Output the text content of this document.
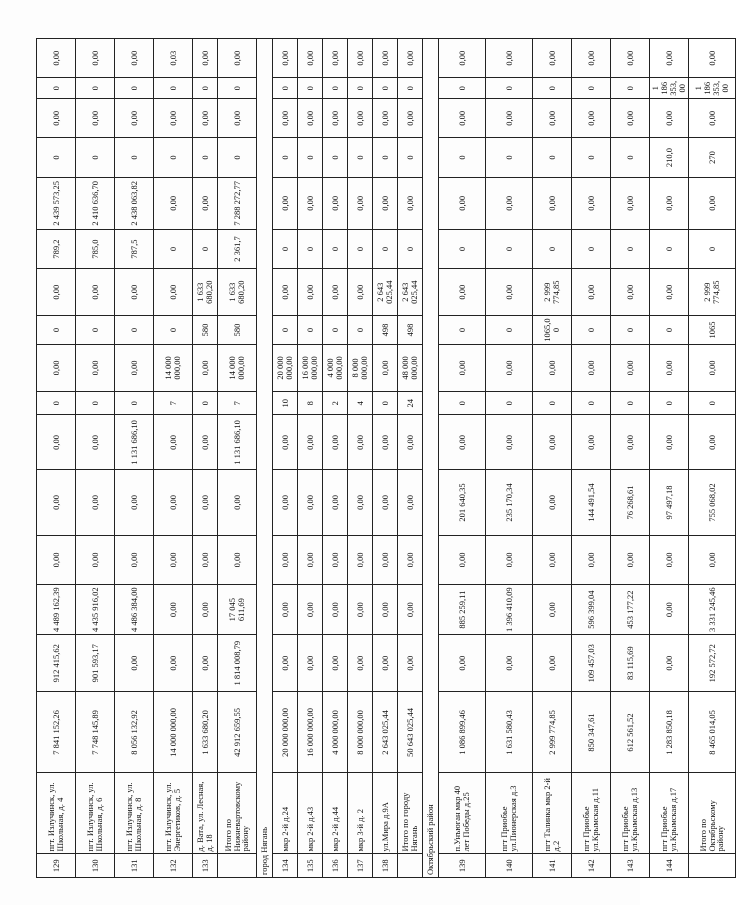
129	пгт. Излучинск, ул. Школьная, д. 4	7 841 152,26	912 415,62	4 489 162,39	0,00	0,00	0,00	0	0,00	0	0,00	789,2	2 439 573,25	0	0,00	0	0,00
130	пгт. Излучинск, ул. Школьная, д. 6	7 748 145,89	901 593,17	4 435 916,02	0,00	0,00	0,00	0	0,00	0	0,00	785,0	2 410 636,70	0	0,00	0	0,00
131	пгт. Излучинск, ул. Школьная, д. 8	8 056 132,92	0,00	4 486 384,00	0,00	0,00	1 131 686,10	0	0,00	0	0,00	787,5	2 438 063,82	0	0,00	0	0,00
132	пгт. Излучинск, ул. Энергетиков, д. 5	14 000 000,00	0,00	0,00	0,00	0,00	0,00	7	14 000 000,00	0	0,00	0	0,00	0	0,00	0	0,03
133	д. Вата, ул. Лесная, д. 18	1 633 680,20	0,00	0,00	0,00	0,00	0,00	0	0,00	580	1 633 680,20	0	0,00	0	0,00	0	0,00
	Итого по Нижневартовскому району	42 912 659,55	1 814 008,79	17 045 611,69	0,00	0,00	1 131 686,10	7	14 000 000,00	580	1 633 680,20	2 361,7	7 288 272,77	0	0,00	0	0,00
город Нягань																	
134	мкр 2-й д.24	20 000 000,00	0,00	0,00	0,00	0,00	0,00	10	20 000 000,00	0	0,00	0	0,00	0	0,00	0	0,00
135	мкр 2-й д.43	16 000 000,00	0,00	0,00	0,00	0,00	0,00	8	16 000 000,00	0	0,00	0	0,00	0	0,00	0	0,00
136	мкр 2-й д.44	4 000 000,00	0,00	0,00	0,00	0,00	0,00	2	4 000 000,00	0	0,00	0	0,00	0	0,00	0	0,00
137	мкр 3-й д. 2	8 000 000,00	0,00	0,00	0,00	0,00	0,00	4	8 000 000,00	0	0,00	0	0,00	0	0,00	0	0,00
138	ул.Мира д.9А	2 643 025,44	0,00	0,00	0,00	0,00	0,00	0	0,00	498	2 643 025,44	0	0,00	0	0,00	0	0,00
	Итого по городу Нягань	50 643 025,44	0,00	0,00	0,00	0,00	0,00	24	48 000 000,00	498	2 643 025,44	0	0,00	0	0,00	0	0,00
Октябрьский район																	
139	п.Унъюган мкр 40 лет Победы д.25	1 086 899,46	0,00	885 259,11	0,00	201 640,35	0,00	0	0,00	0	0,00	0	0,00	0	0,00	0	0,00
140	пгт Приобье ул.Пионерская д.3	1 631 580,43	0,00	1 396 410,09	0,00	235 170,34	0,00	0	0,00	0	0,00	0	0,00	0	0,00	0	0,00
141	пгт Талинка мкр 2-й д.2	2 999 774,85	0,00	0,00	0,00	0,00	0,00	0	0,00	1065,00	2 999 774,85	0	0,00	0	0,00	0	0,00
142	пгт Приобье ул.Крымская д.11	850 347,61	109 457,03	596 399,04	0,00	144 491,54	0,00	0	0,00	0	0,00	0	0,00	0	0,00	0	0,00
143	пгт Приобье ул.Крымская д.13	612 561,52	83 115,69	453 177,22	0,00	76 268,61	0,00	0	0,00	0	0,00	0	0,00	0	0,00	0	0,00
144	пгт Приобье ул.Крымская д.17	1 283 850,18	0,00	0,00	0,00	97 497,18	0,00	0	0,00	0	0,00	0	0,00	210,0	0,00	1 186 353,00	0,00
	Итого по Октябрьскому району	8 465 014,05	192 572,72	3 331 245,46	0,00	755 068,02	0,00	0	0,00	1065	2 999 774,85	0	0,00	270	0,00	1 186 353,00	0,00
